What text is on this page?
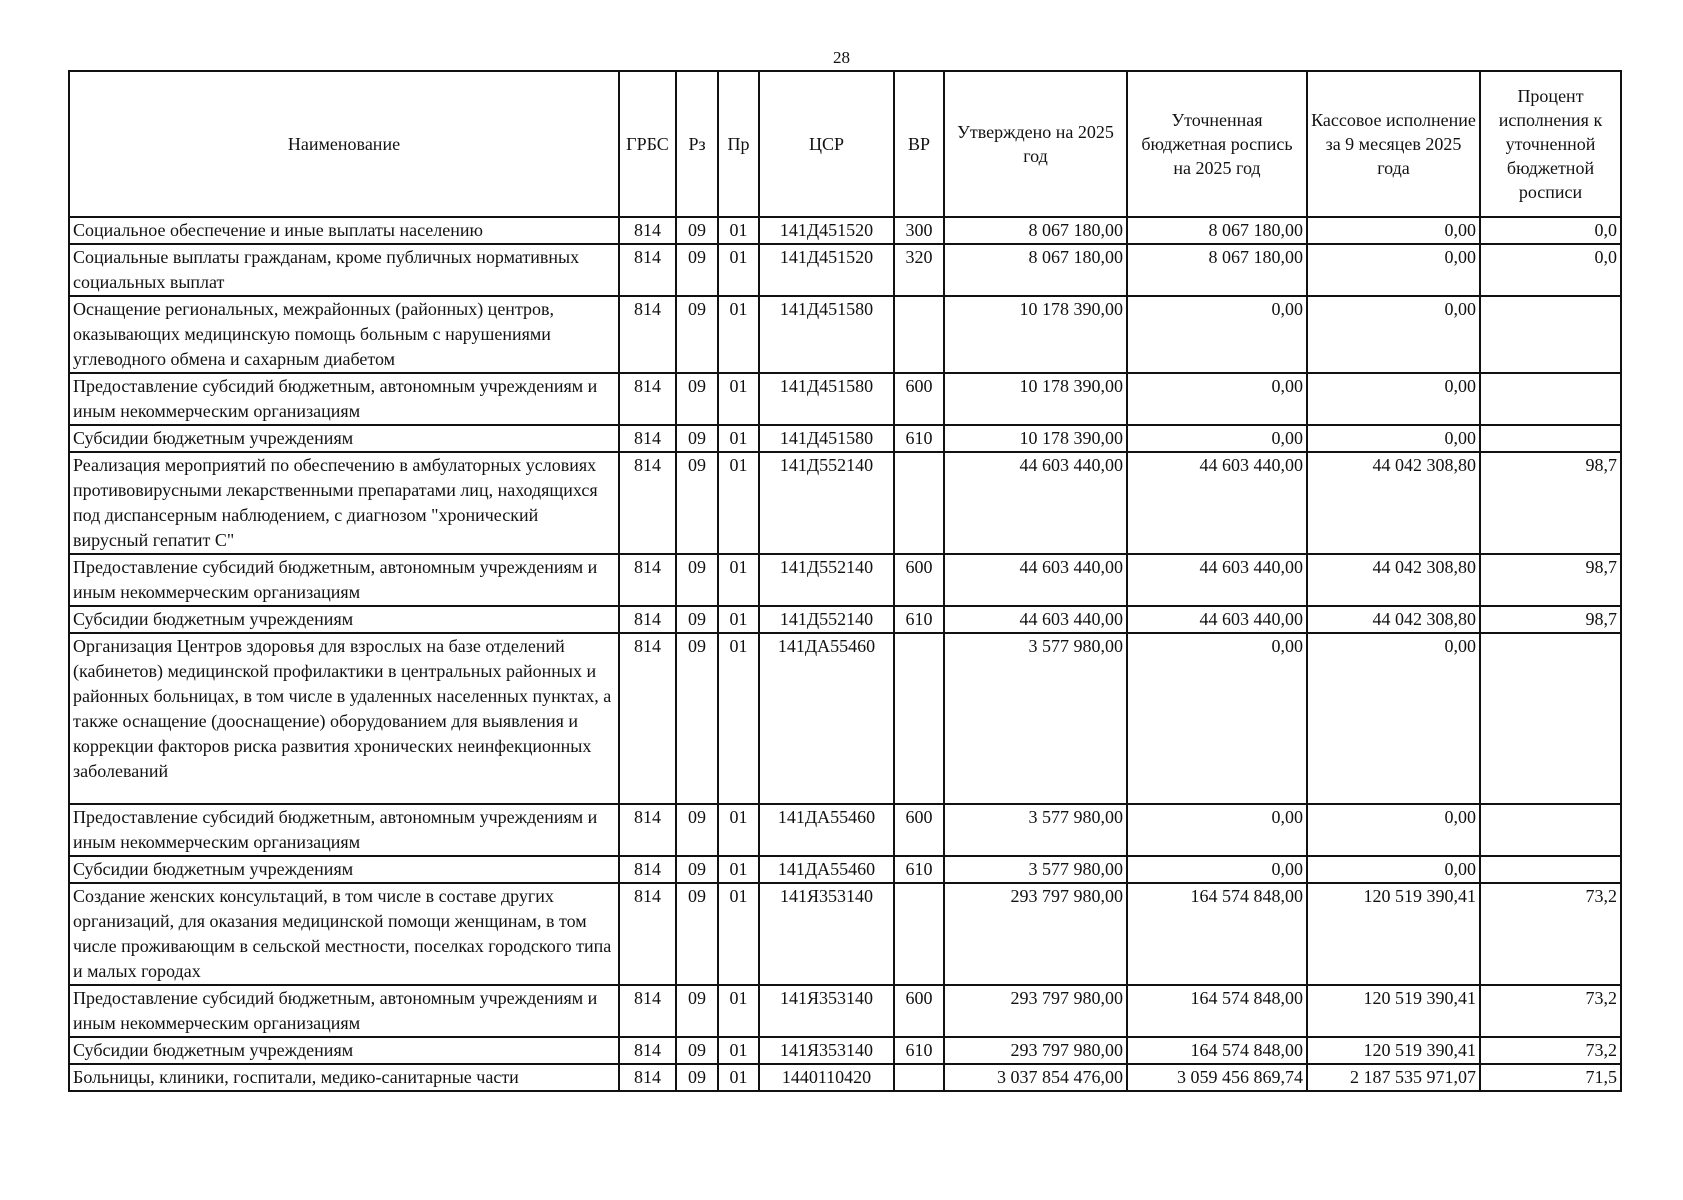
28
Наименование	ГРБС	Рз	Пр	ЦСР	ВР	Утверждено на 2025 год	Уточненная бюджетная роспись на 2025 год	Кассовое исполнение за 9 месяцев 2025 года	Процент исполнения к уточненной бюджетной росписи
Социальное обеспечение и иные выплаты населению	814	09	01	141Д451520	300	8 067 180,00	8 067 180,00	0,00	0,0
Социальные выплаты гражданам, кроме публичных нормативных социальных выплат	814	09	01	141Д451520	320	8 067 180,00	8 067 180,00	0,00	0,0
Оснащение региональных, межрайонных (районных) центров, оказывающих медицинскую помощь больным с нарушениями углеводного обмена и сахарным диабетом	814	09	01	141Д451580		10 178 390,00	0,00	0,00	
Предоставление субсидий бюджетным, автономным учреждениям и иным некоммерческим организациям	814	09	01	141Д451580	600	10 178 390,00	0,00	0,00	
Субсидии бюджетным учреждениям	814	09	01	141Д451580	610	10 178 390,00	0,00	0,00	
Реализация мероприятий по обеспечению в амбулаторных условиях противовирусными лекарственными препаратами лиц, находящихся под диспансерным наблюдением, с диагнозом "хронический вирусный гепатит С"	814	09	01	141Д552140		44 603 440,00	44 603 440,00	44 042 308,80	98,7
Предоставление субсидий бюджетным, автономным учреждениям и иным некоммерческим организациям	814	09	01	141Д552140	600	44 603 440,00	44 603 440,00	44 042 308,80	98,7
Субсидии бюджетным учреждениям	814	09	01	141Д552140	610	44 603 440,00	44 603 440,00	44 042 308,80	98,7
Организация Центров здоровья для взрослых на базе отделений (кабинетов) медицинской профилактики в центральных районных и районных больницах, в том числе в удаленных населенных пунктах, а также оснащение (дооснащение) оборудованием для выявления и коррекции факторов риска развития хронических неинфекционных заболеваний	814	09	01	141ДА55460		3 577 980,00	0,00	0,00	
Предоставление субсидий бюджетным, автономным учреждениям и иным некоммерческим организациям	814	09	01	141ДА55460	600	3 577 980,00	0,00	0,00	
Субсидии бюджетным учреждениям	814	09	01	141ДА55460	610	3 577 980,00	0,00	0,00	
Создание женских консультаций, в том числе в составе других организаций, для оказания медицинской помощи женщинам, в том числе проживающим в сельской местности, поселках городского типа и малых городах	814	09	01	141Я353140		293 797 980,00	164 574 848,00	120 519 390,41	73,2
Предоставление субсидий бюджетным, автономным учреждениям и иным некоммерческим организациям	814	09	01	141Я353140	600	293 797 980,00	164 574 848,00	120 519 390,41	73,2
Субсидии бюджетным учреждениям	814	09	01	141Я353140	610	293 797 980,00	164 574 848,00	120 519 390,41	73,2
Больницы, клиники, госпитали, медико-санитарные части	814	09	01	1440110420		3 037 854 476,00	3 059 456 869,74	2 187 535 971,07	71,5
